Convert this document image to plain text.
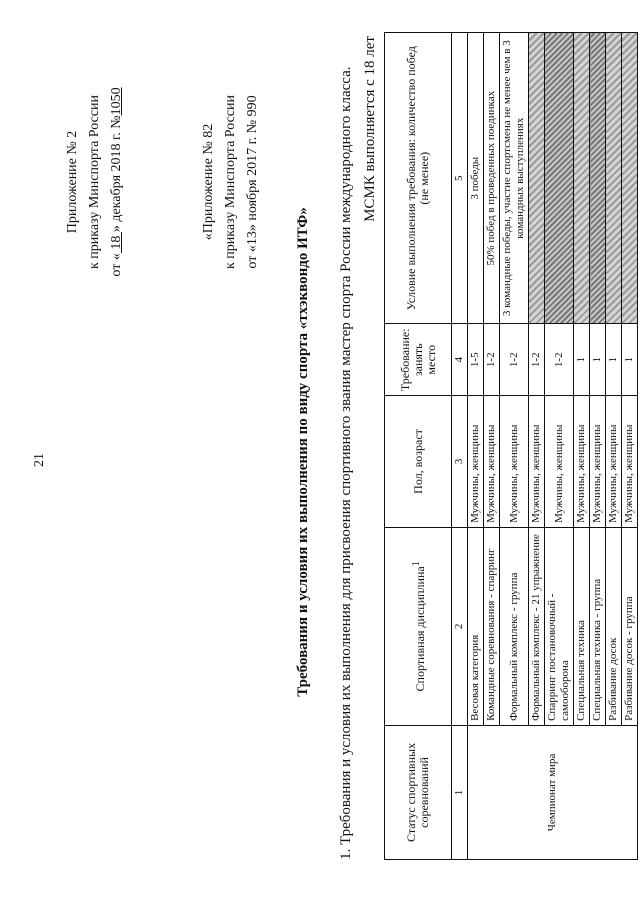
21
Приложение № 2 к приказу Минспорта России от « 18 » декабря 2018 г. №1050
«Приложение № 82 к приказу Минспорта России от «13» ноября 2017 г. № 990
Требования и условия их выполнения по виду спорта «тхэквондо ИТФ» 1. Требования и условия их выполнения для присвоения спортивного звания мастер спорта России международного класса. МСМК выполняется с 18 лет
Статус спортивных соревнований	Спортивная дисциплина$^1$	Пол, возраст	Требование: занять место	Условие выполнения требования: количество побед (не менее)
1	2	3	4	5
Чемпионат мира	Весовая категория	Мужчины, женщины	1-5	3 победы
	Командные соревнования - спарринг	Мужчины, женщины	1-2	50% побед в проведенных поединках
	Формальный комплекс - группа	Мужчины, женщины	1-2	3 командные победы, участие спортсмена не менее чем в 3 командных выступлениях
	Формальный комплекс - 21 упражнение	Мужчины, женщины	1-2	
	Спарринг постановочный - самооборона	Мужчины, женщины	1-2	
	Специальная техника	Мужчины, женщины	1	
	Специальная техника - группа	Мужчины, женщины	1	
	Разбивание досок	Мужчины, женщины	1	
	Разбивание досок - группа	Мужчины, женщины	1	
